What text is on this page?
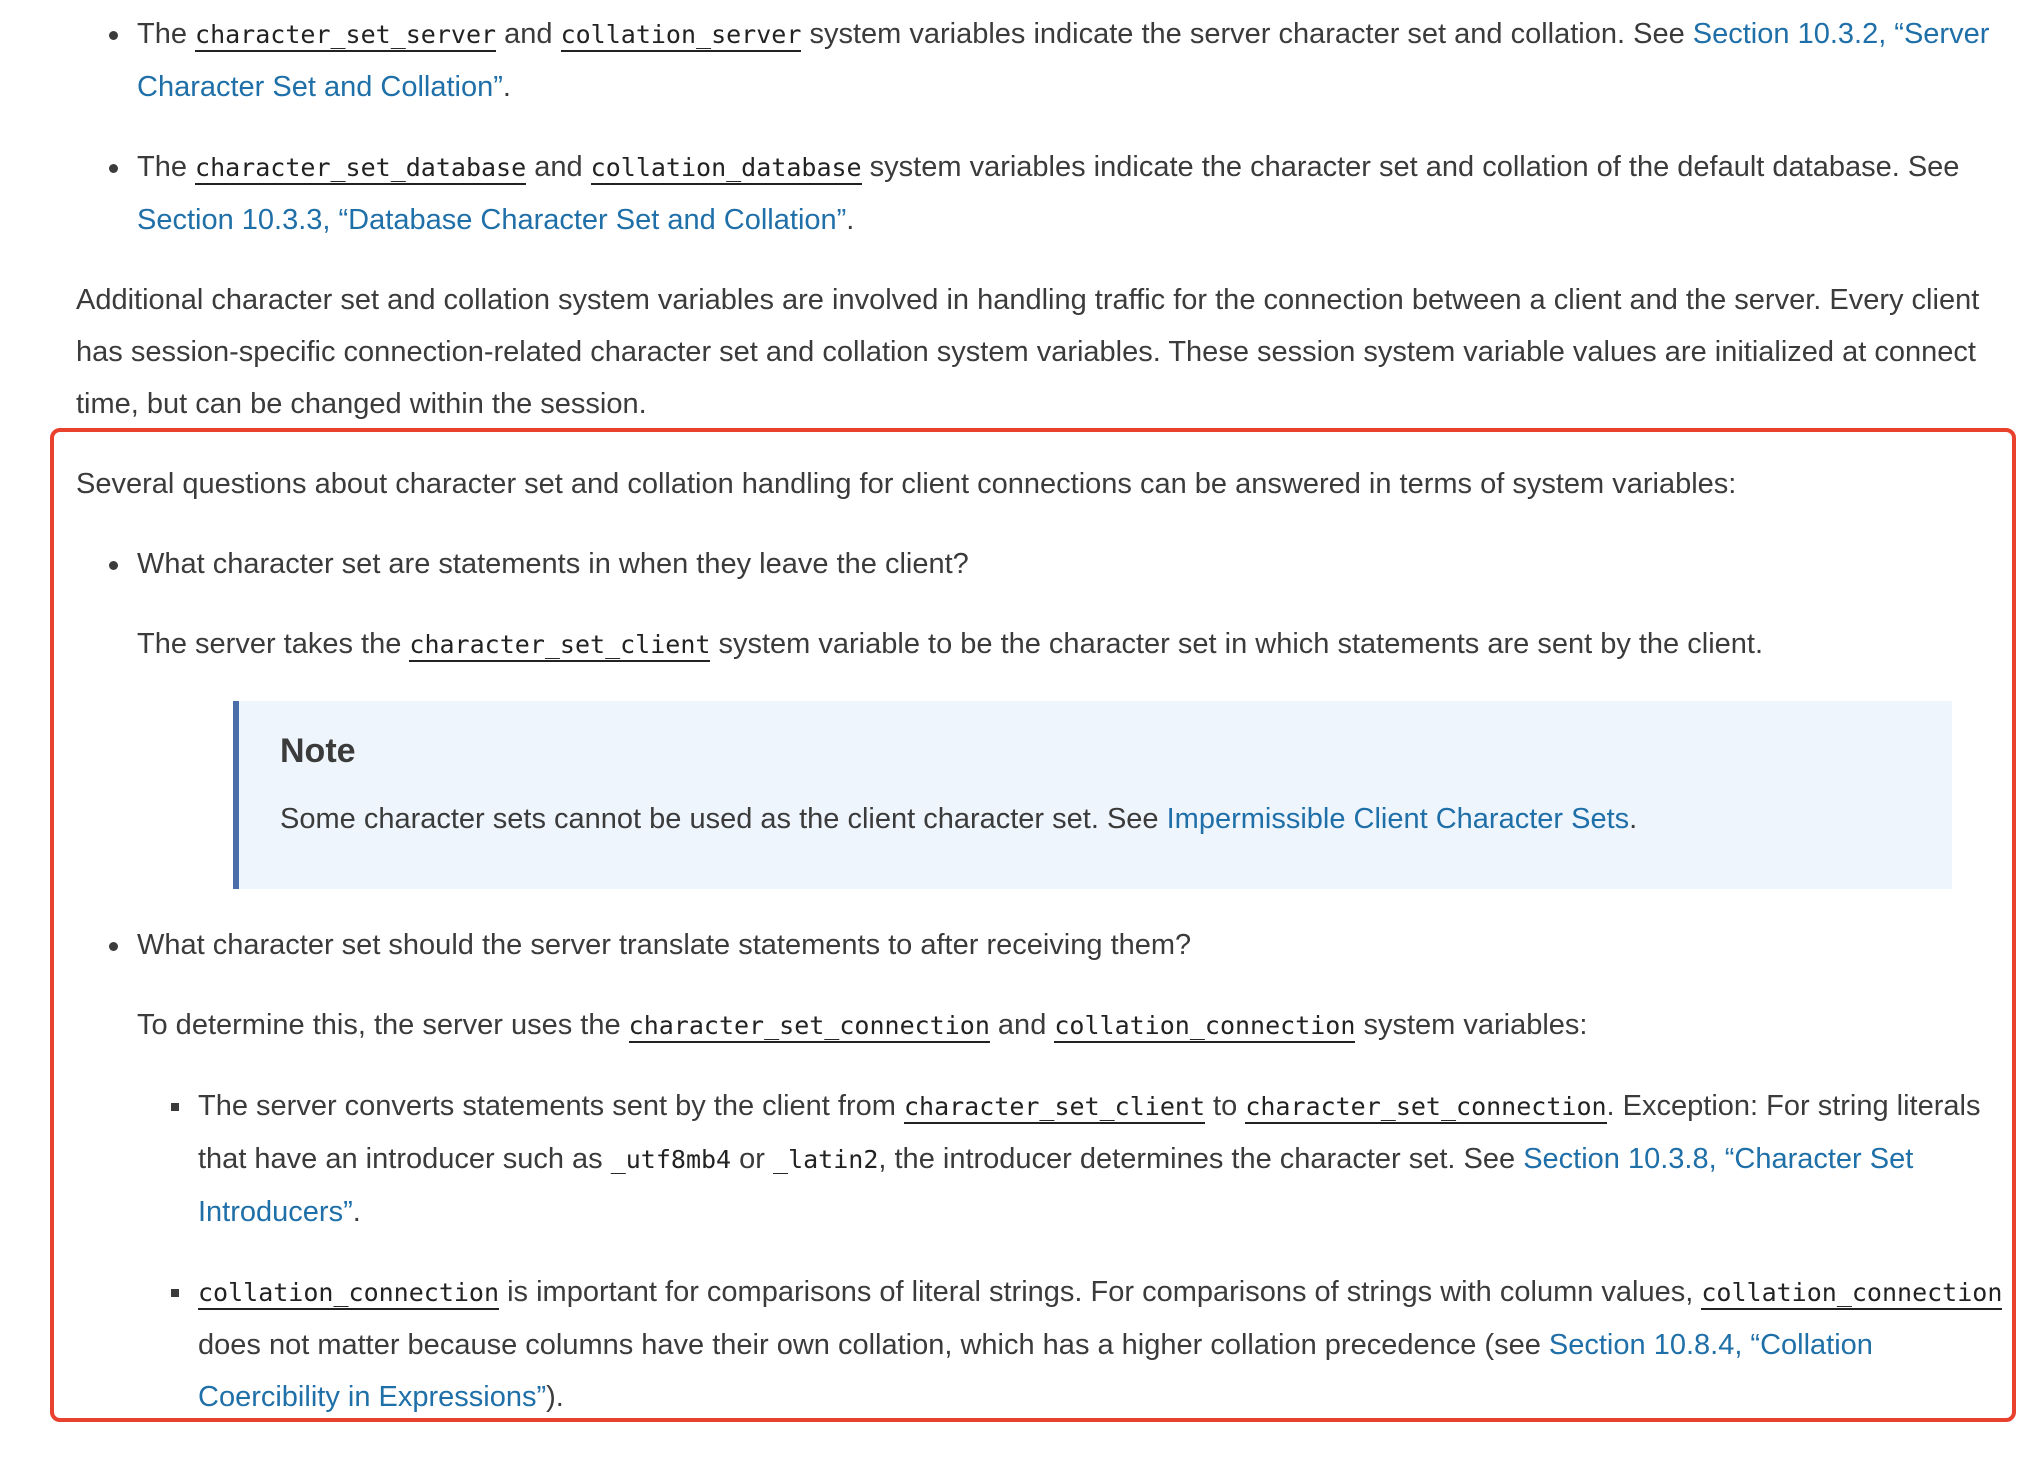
The character_set_server and collation_server system variables indicate the server character set and collation. See Section 10.3.2, “Server Character Set and Collation”.
The character_set_database and collation_database system variables indicate the character set and collation of the default database. See Section 10.3.3, “Database Character Set and Collation”.

Additional character set and collation system variables are involved in handling traffic for the connection between a client and the server. Every client has session-specific connection-related character set and collation system variables. These session system variable values are initialized at connect time, but can be changed within the session.

Several questions about character set and collation handling for client connections can be answered in terms of system variables:

What character set are statements in when they leave the client?

The server takes the character_set_client system variable to be the character set in which statements are sent by the client.

Note
Some character sets cannot be used as the client character set. See Impermissible Client Character Sets.
What character set should the server translate statements to after receiving them?

To determine this, the server uses the character_set_connection and collation_connection system variables:

The server converts statements sent by the client from character_set_client to character_set_connection. Exception: For string literals that have an introducer such as _utf8mb4 or _latin2, the introducer determines the character set. See Section 10.3.8, “Character Set Introducers”.
collation_connection is important for comparisons of literal strings. For comparisons of strings with column values, collation_connection does not matter because columns have their own collation, which has a higher collation precedence (see Section 10.8.4, “Collation Coercibility in Expressions”).
